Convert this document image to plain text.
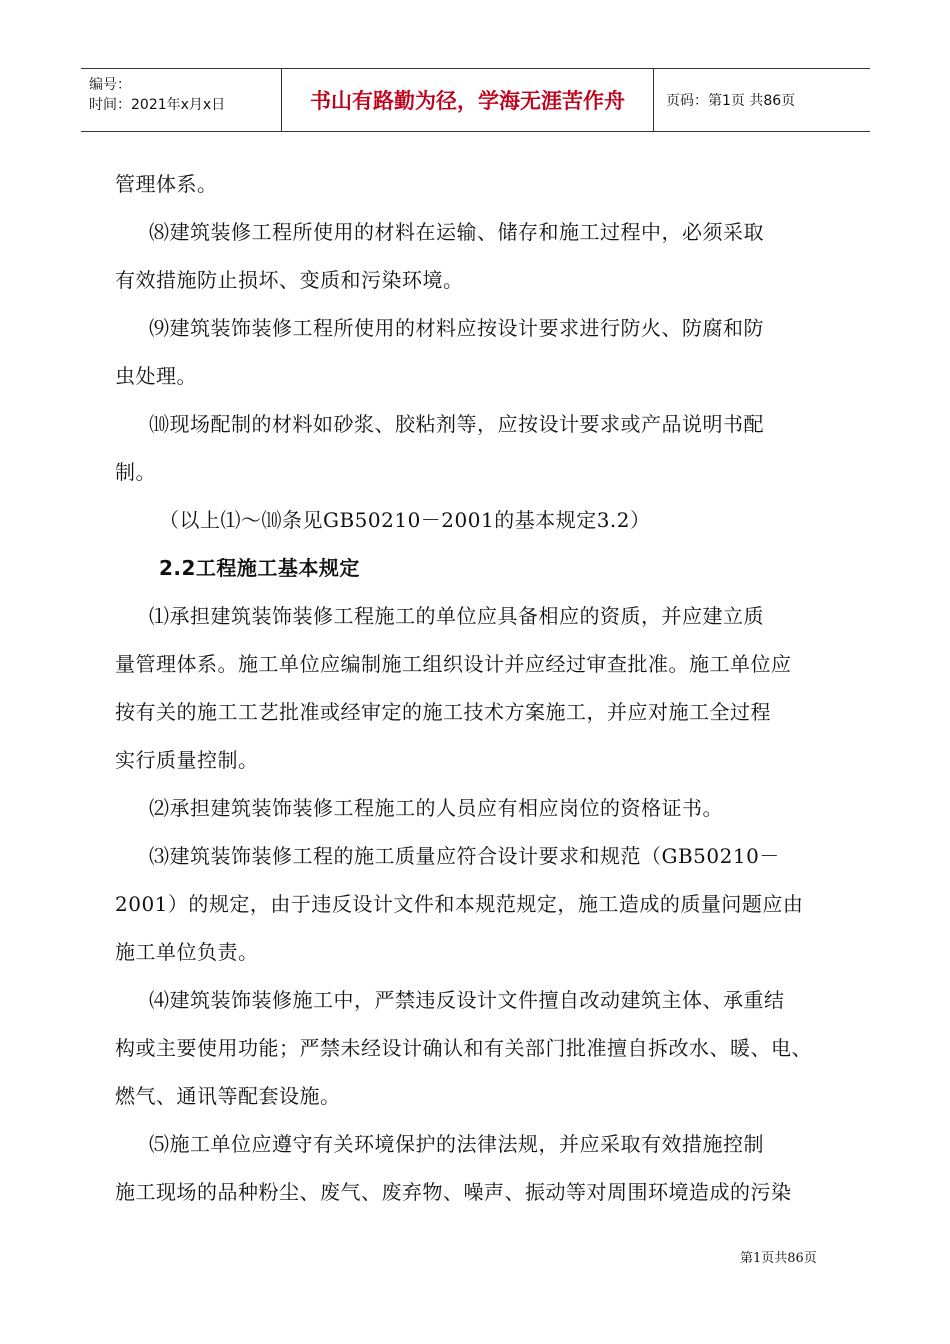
编号：
时间：2021年x月x日	书山有路勤为径，学海无涯苦作舟	页码：第1页 共86页
管理体系。
⑻建筑装修工程所使用的材料在运输、储存和施工过程中，必须采取
有效措施防止损坏、变质和污染环境。
⑼建筑装饰装修工程所使用的材料应按设计要求进行防火、防腐和防
虫处理。
⑽现场配制的材料如砂浆、胶粘剂等，应按设计要求或产品说明书配
制。
（以上⑴～⑽条见GB50210－2001的基本规定3.2）
2.2工程施工基本规定
⑴承担建筑装饰装修工程施工的单位应具备相应的资质，并应建立质
量管理体系。施工单位应编制施工组织设计并应经过审查批准。施工单位应
按有关的施工工艺批准或经审定的施工技术方案施工，并应对施工全过程
实行质量控制。
⑵承担建筑装饰装修工程施工的人员应有相应岗位的资格证书。
⑶建筑装饰装修工程的施工质量应符合设计要求和规范（GB50210－
2001）的规定，由于违反设计文件和本规范规定，施工造成的质量问题应由
施工单位负责。
⑷建筑装饰装修施工中，严禁违反设计文件擅自改动建筑主体、承重结
构或主要使用功能；严禁未经设计确认和有关部门批准擅自拆改水、暖、电、
燃气、通讯等配套设施。
⑸施工单位应遵守有关环境保护的法律法规，并应采取有效措施控制
施工现场的品种粉尘、废气、废弃物、噪声、振动等对周围环境造成的污染
第1页共86页
